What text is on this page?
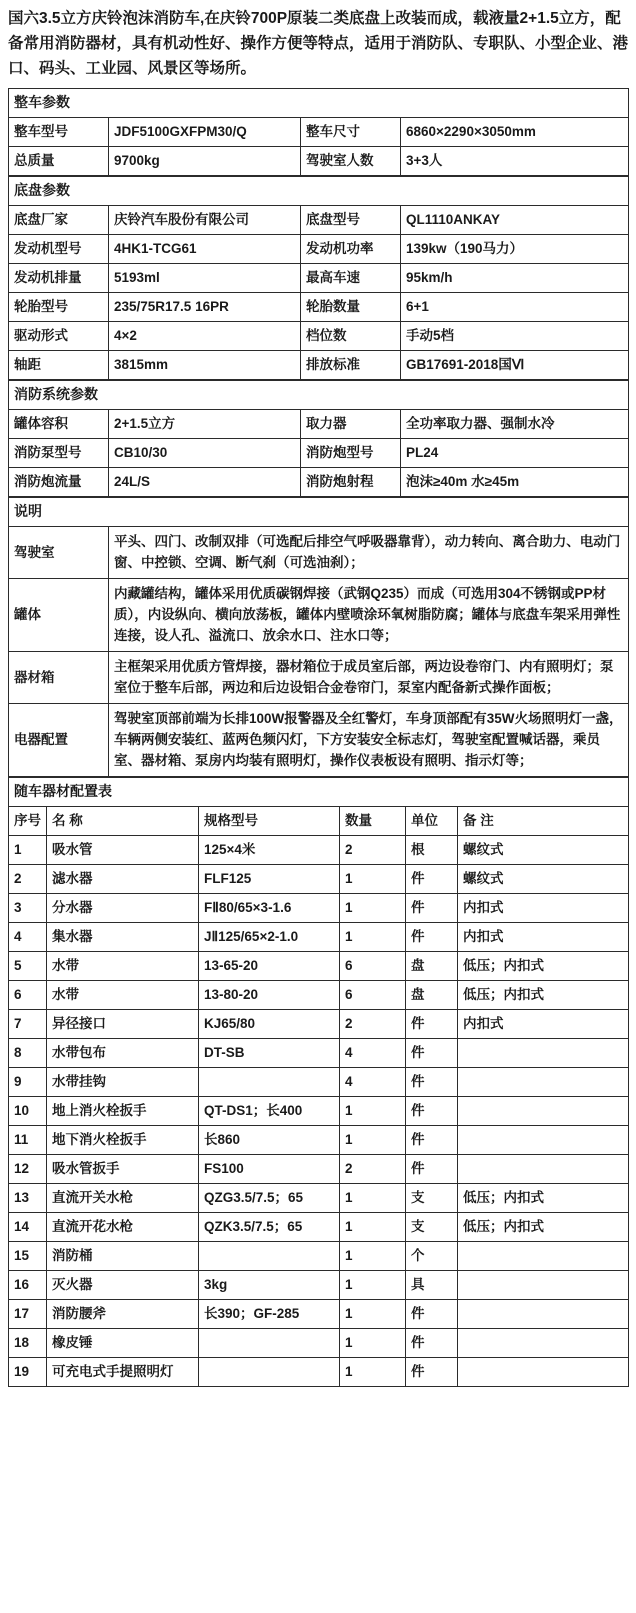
国六3.5立方庆铃泡沫消防车,在庆铃700P原装二类底盘上改装而成，载液量2+1.5立方，配备常用消防器材，具有机动性好、操作方便等特点，适用于消防队、专职队、小型企业、港口、码头、工业园、风景区等场所。
整车参数			
整车型号	JDF5100GXFPM30/Q	整车尺寸	6860×2290×3050mm
总质量	9700kg	驾驶室人数	3+3人
底盘参数			
底盘厂家	庆铃汽车股份有限公司	底盘型号	QL1110ANKAY
发动机型号	4HK1-TCG61	发动机功率	139kw（190马力）
发动机排量	5193ml	最高车速	95km/h
轮胎型号	235/75R17.5 16PR	轮胎数量	6+1
驱动形式	4×2	档位数	手动5档
轴距	3815mm	排放标准	GB17691-2018国Ⅵ
消防系统参数			
罐体容积	2+1.5立方	取力器	全功率取力器、强制水冷
消防泵型号	CB10/30	消防炮型号	PL24
消防炮流量	24L/S	消防炮射程	泡沫≥40m 水≥45m
说明	
驾驶室	平头、四门、改制双排（可选配后排空气呼吸器靠背），动力转向、离合助力、电动门窗、中控锁、空调、断气刹（可选油刹）；
罐体	内藏罐结构，罐体采用优质碳钢焊接（武钢Q235）而成（可选用304不锈钢或PP材质），内设纵向、横向放荡板，罐体内壁喷涂环氧树脂防腐；罐体与底盘车架采用弹性连接，设人孔、溢流口、放余水口、注水口等；
器材箱	主框架采用优质方管焊接，器材箱位于成员室后部，两边设卷帘门、内有照明灯；泵室位于整车后部，两边和后边设铝合金卷帘门，泵室内配备新式操作面板；
电器配置	驾驶室顶部前端为长排100W报警器及全红警灯，车身顶部配有35W火场照明灯一盏，车辆两侧安装红、蓝两色频闪灯，下方安装安全标志灯，驾驶室配置喊话器，乘员室、器材箱、泵房内均装有照明灯，操作仪表板设有照明、指示灯等；
随车器材配置表					
序号	名 称	规格型号	数量	单位	备 注
1	吸水管	125×4米	2	根	螺纹式
2	滤水器	FLF125	1	件	螺纹式
3	分水器	FⅡ80/65×3-1.6	1	件	内扣式
4	集水器	JⅡ125/65×2-1.0	1	件	内扣式
5	水带	13-65-20	6	盘	低压；内扣式
6	水带	13-80-20	6	盘	低压；内扣式
7	异径接口	KJ65/80	2	件	内扣式
8	水带包布	DT-SB	4	件	
9	水带挂钩		4	件	
10	地上消火栓扳手	QT-DS1；长400	1	件	
11	地下消火栓扳手	长860	1	件	
12	吸水管扳手	FS100	2	件	
13	直流开关水枪	QZG3.5/7.5；65	1	支	低压；内扣式
14	直流开花水枪	QZK3.5/7.5；65	1	支	低压；内扣式
15	消防桶		1	个	
16	灭火器	3kg	1	具	
17	消防腰斧	长390；GF-285	1	件	
18	橡皮锤		1	件	
19	可充电式手提照明灯		1	件	
